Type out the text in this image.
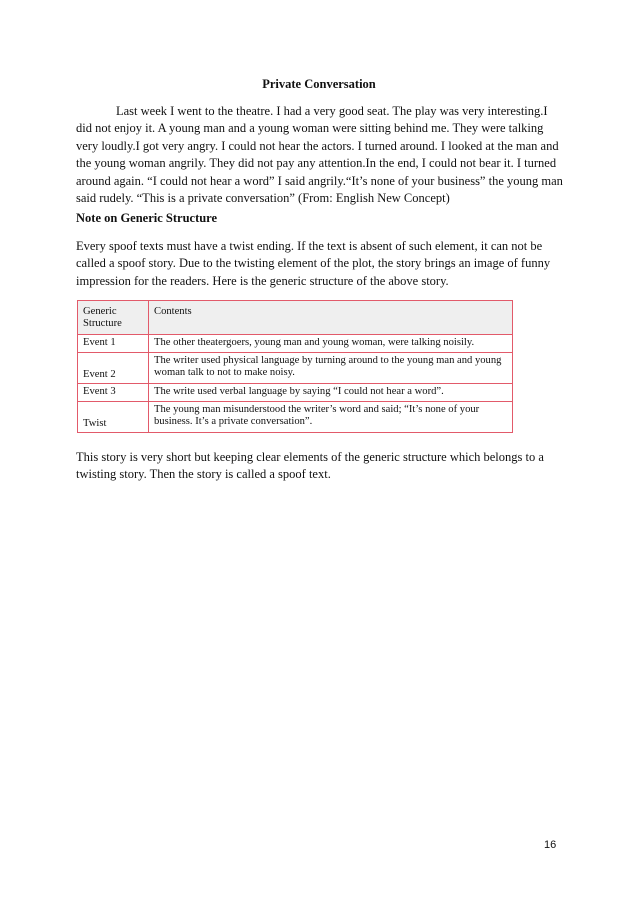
Private Conversation

Last week I went to the theatre. I had a very good seat. The play was very interesting.I did not enjoy it. A young man and a young woman were sitting behind me. They were talking very loudly.I got very angry. I could not hear the actors. I turned around. I looked at the man and the young woman angrily. They did not pay any attention.In the end, I could not bear it. I turned around again. “I could not hear a word” I said angrily.“It’s none of your business” the young man said rudely. “This is a private conversation” (From: English New Concept)

Note on Generic Structure

Every spoof texts must have a twist ending. If the text is absent of such element, it can not be called a spoof story. Due to the twisting element of the plot, the story brings an image of funny impression for the readers. Here is the generic structure of the above story.

Generic Structure	Contents
Event 1	The other theatergoers, young man and young woman, were talking noisily.
Event 2	The writer used physical language by turning around to the young man and young woman talk to not to make noisy.
Event 3	The write used verbal language by saying “I could not hear a word”.
Twist	The young man misunderstood the writer’s word and said; “It’s none of your business. It’s a private conversation”.

This story is very short but keeping clear elements of the generic structure which belongs to a twisting story. Then the story is called a spoof text.

16
